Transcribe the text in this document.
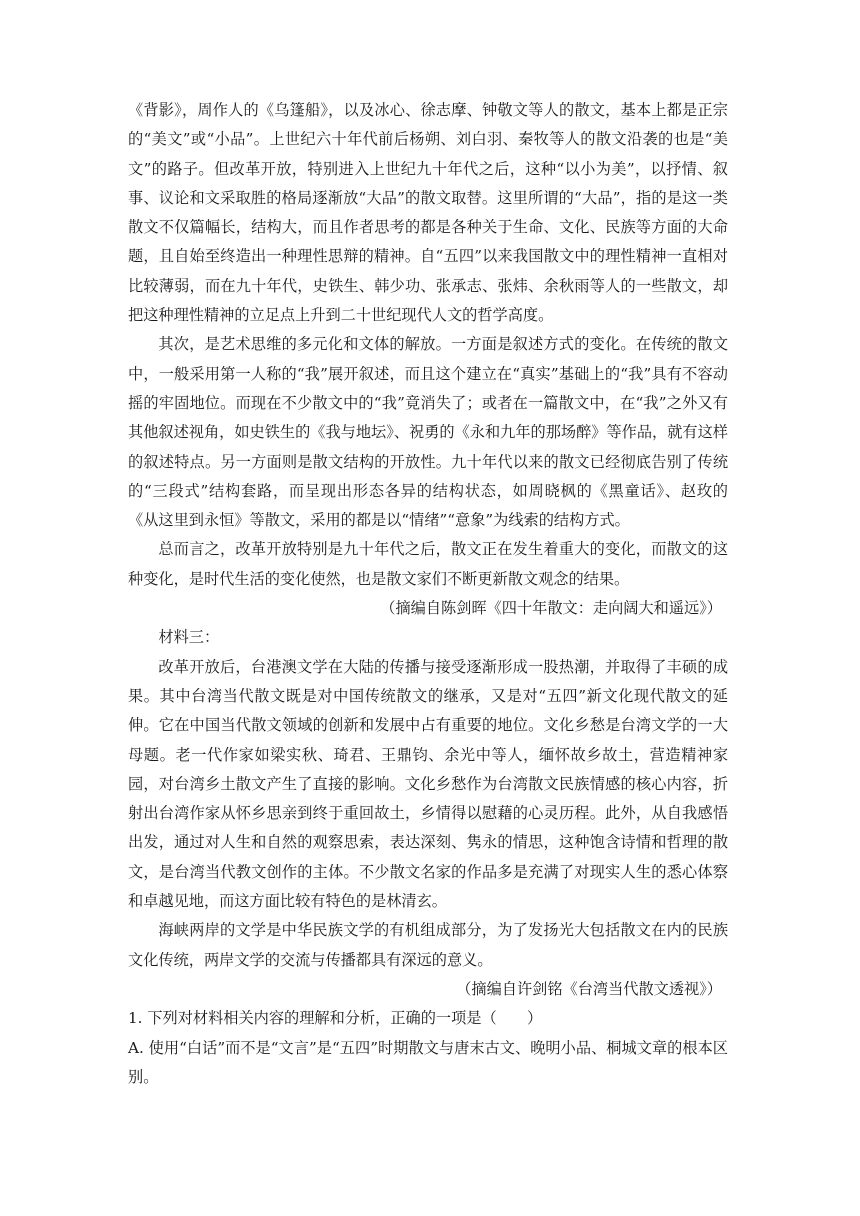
《背影》，周作人的《乌篷船》，以及冰心、徐志摩、钟敬文等人的散文，基本上都是正宗的“美文”或“小品”。上世纪六十年代前后杨朔、刘白羽、秦牧等人的散文沿袭的也是“美文”的路子。但改革开放，特别进入上世纪九十年代之后，这种“以小为美”，以抒情、叙事、议论和文采取胜的格局逐渐放“大品”的散文取替。这里所谓的“大品”，指的是这一类散文不仅篇幅长，结构大，而且作者思考的都是各种关于生命、文化、民族等方面的大命题，且自始至终造出一种理性思辩的精神。自“五四”以来我国散文中的理性精神一直相对比较薄弱，而在九十年代，史铁生、韩少功、张承志、张炜、余秋雨等人的一些散文，却把这种理性精神的立足点上升到二十世纪现代人文的哲学高度。

其次，是艺术思维的多元化和文体的解放。一方面是叙述方式的变化。在传统的散文中，一般采用第一人称的“我”展开叙述，而且这个建立在“真实”基础上的“我”具有不容动摇的牢固地位。而现在不少散文中的“我”竟消失了；或者在一篇散文中，在“我”之外又有其他叙述视角，如史铁生的《我与地坛》、祝勇的《永和九年的那场醉》等作品，就有这样的叙述特点。另一方面则是散文结构的开放性。九十年代以来的散文已经彻底告别了传统的“三段式”结构套路，而呈现出形态各异的结构状态，如周晓枫的《黑童话》、赵玫的《从这里到永恒》等散文，采用的都是以“情绪”“意象”为线索的结构方式。

总而言之，改革开放特别是九十年代之后，散文正在发生着重大的变化，而散文的这种变化，是时代生活的变化使然，也是散文家们不断更新散文观念的结果。

（摘编自陈剑晖《四十年散文：走向阔大和遥远》）

材料三：

改革开放后，台港澳文学在大陆的传播与接受逐渐形成一股热潮，并取得了丰硕的成果。其中台湾当代散文既是对中国传统散文的继承，又是对“五四”新文化现代散文的延伸。它在中国当代散文领域的创新和发展中占有重要的地位。文化乡愁是台湾文学的一大母题。老一代作家如梁实秋、琦君、王鼎钧、余光中等人，缅怀故乡故土，营造精神家园，对台湾乡土散文产生了直接的影响。文化乡愁作为台湾散文民族情感的核心内容，折射出台湾作家从怀乡思亲到终于重回故土，乡情得以慰藉的心灵历程。此外，从自我感悟出发，通过对人生和自然的观察思索，表达深刻、隽永的情思，这种饱含诗情和哲理的散文，是台湾当代教文创作的主体。不少散文名家的作品多是充满了对现实人生的悉心体察和卓越见地，而这方面比较有特色的是林清玄。

海峡两岸的文学是中华民族文学的有机组成部分，为了发扬光大包括散文在内的民族文化传统，两岸文学的交流与传播都具有深远的意义。

（摘编自许剑铭《台湾当代散文透视》）

1. 下列对材料相关内容的理解和分析，正确的一项是（　　）

A. 使用“白话”而不是“文言”是“五四”时期散文与唐末古文、晚明小品、桐城文章的根本区别。
